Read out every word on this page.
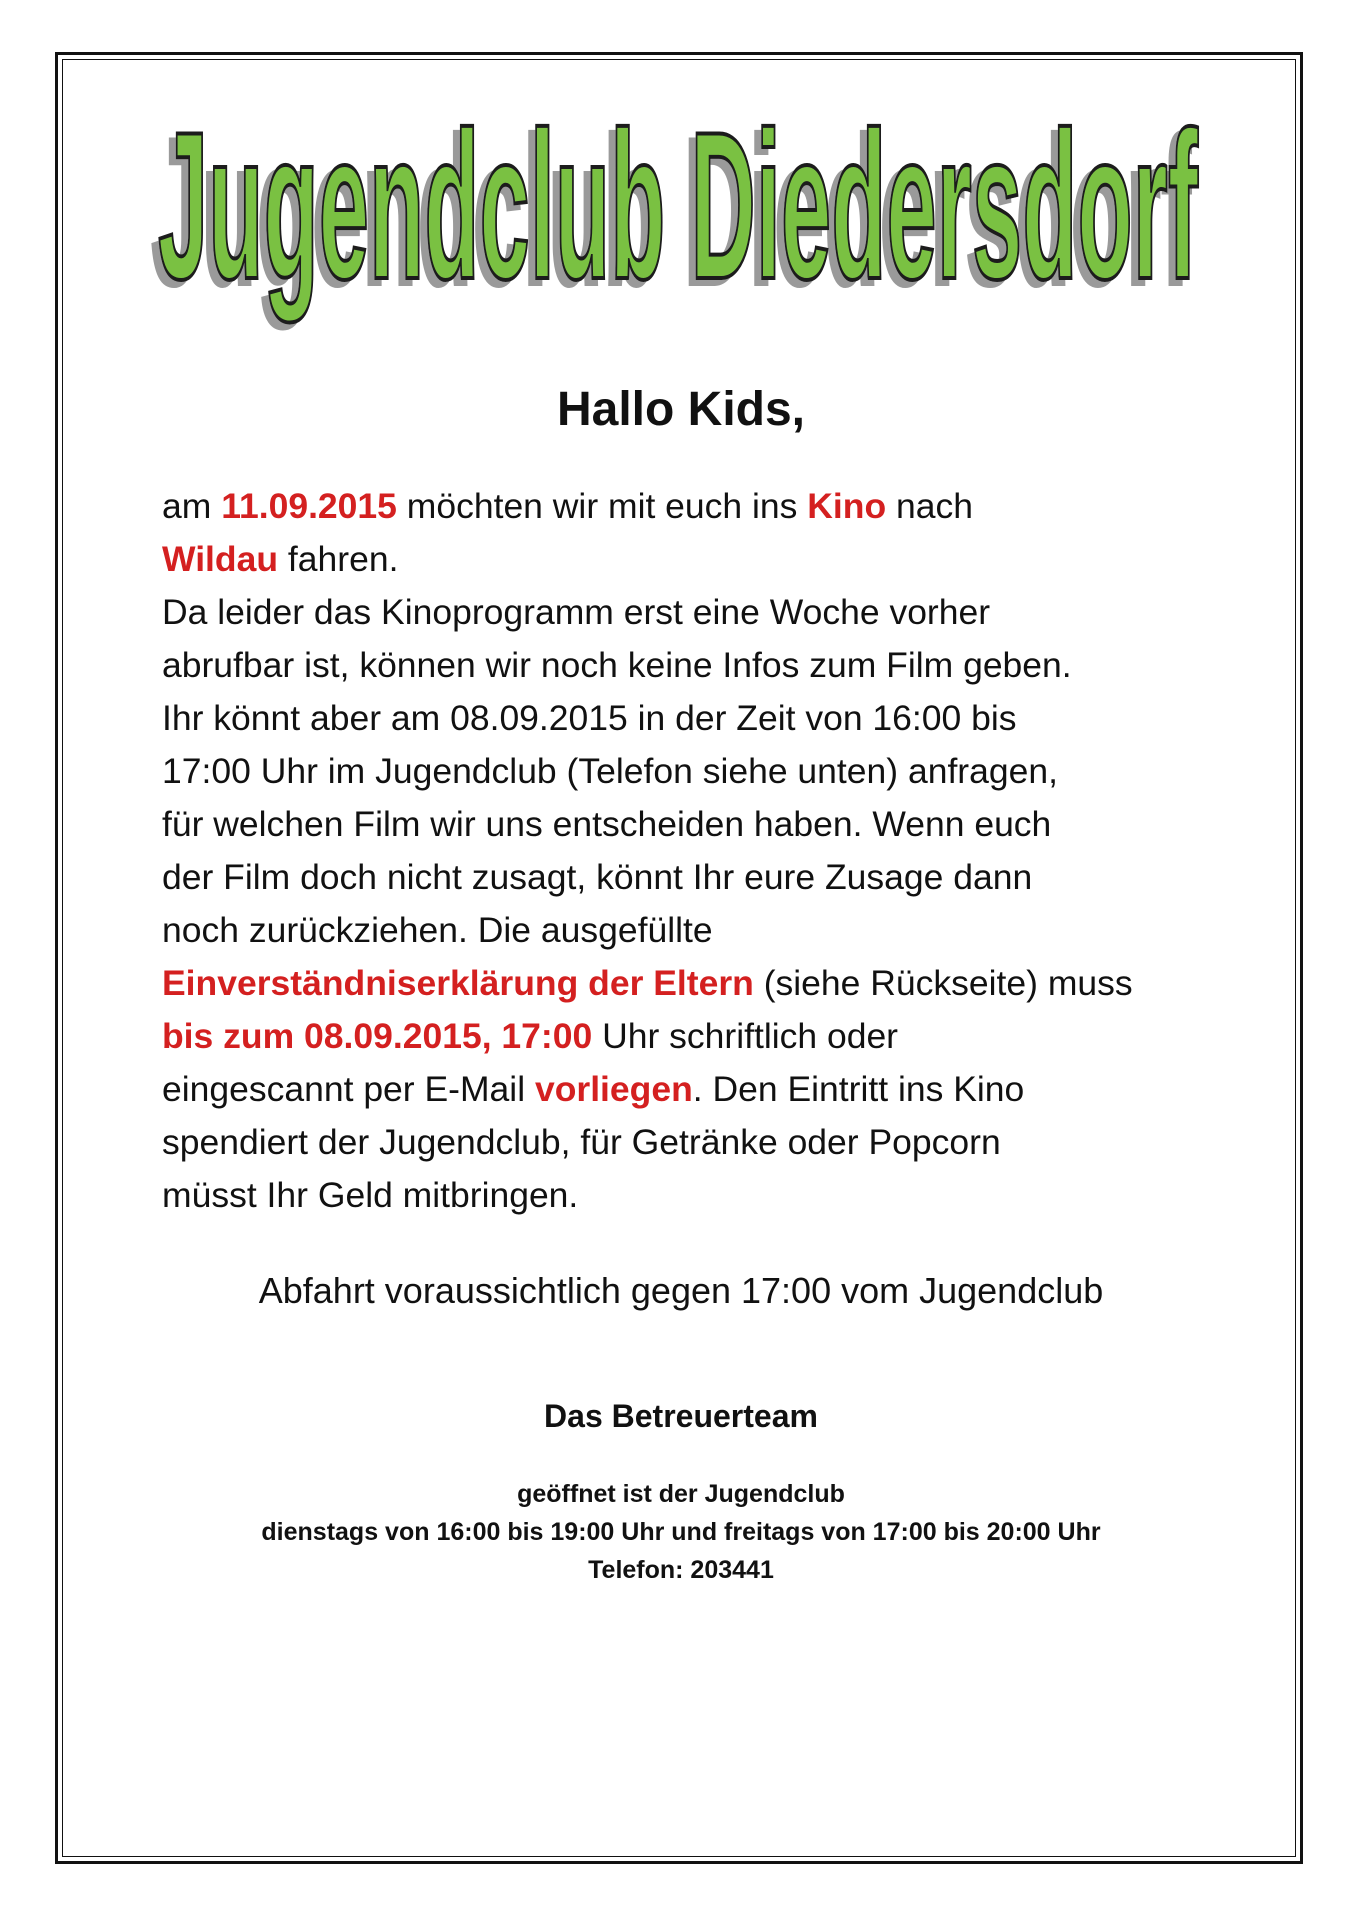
Jugendclub Diedersdorf
Hallo Kids,
am 11.09.2015 möchten wir mit euch ins Kino nach
Wildau fahren.
Da leider das Kinoprogramm erst eine Woche vorher
abrufbar ist, können wir noch keine Infos zum Film geben.
Ihr könnt aber am 08.09.2015 in der Zeit von 16:00 bis
17:00 Uhr im Jugendclub (Telefon siehe unten) anfragen,
für welchen Film wir uns entscheiden haben. Wenn euch
der Film doch nicht zusagt, könnt Ihr eure Zusage dann
noch zurückziehen. Die ausgefüllte
Einverständniserklärung der Eltern (siehe Rückseite) muss
bis zum 08.09.2015, 17:00 Uhr schriftlich oder
eingescannt per E-Mail vorliegen. Den Eintritt ins Kino
spendiert der Jugendclub, für Getränke oder Popcorn
müsst Ihr Geld mitbringen.
Abfahrt voraussichtlich gegen 17:00 vom Jugendclub
Das Betreuerteam
geöffnet ist der Jugendclub
dienstags von 16:00 bis 19:00 Uhr und freitags von 17:00 bis 20:00 Uhr
Telefon: 203441
